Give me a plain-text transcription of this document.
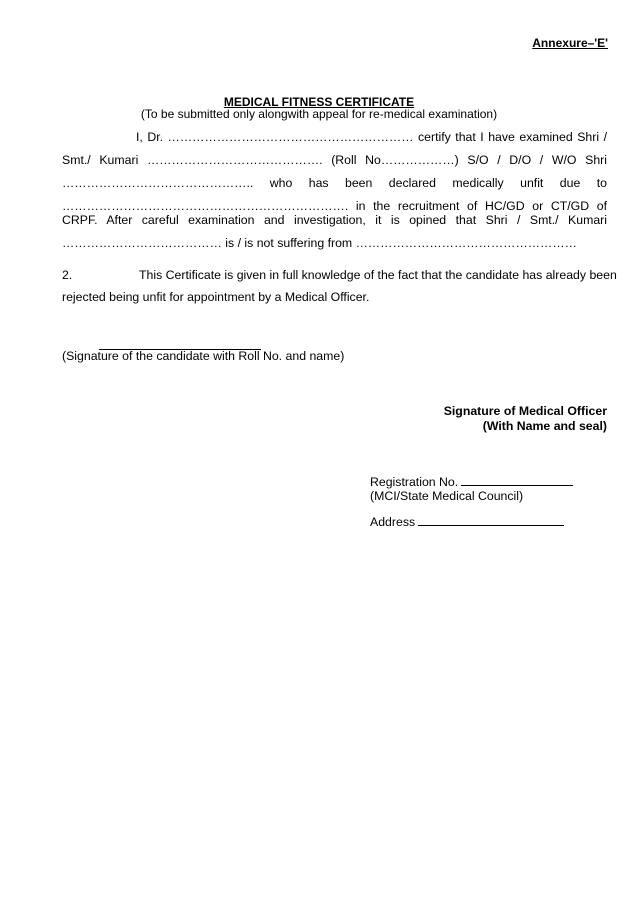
Annexure–'E'
MEDICAL FITNESS CERTIFICATE
(To be submitted only alongwith appeal for re-medical examination)
I, Dr. …………………………………………………… certify that I have examined Shri /
Smt./ Kumari ……………………………………. (Roll No………………) S/O / D/O / W/O Shri
……………………………………….. who has been declared medically unfit due to
……………………………………………………………. in the recruitment of HC/GD or CT/GD of
CRPF. After careful examination and investigation, it is opined that Shri / Smt./ Kumari
………………………………… is / is not suffering from ………………………………………………
2.	This Certificate is given in full knowledge of the fact that the candidate has already been
rejected being unfit for appointment by a Medical Officer.
(Signature of the candidate with Roll No. and name)
Signature of Medical Officer
(With Name and seal)
Registration No.
(MCI/State Medical Council)
Address
